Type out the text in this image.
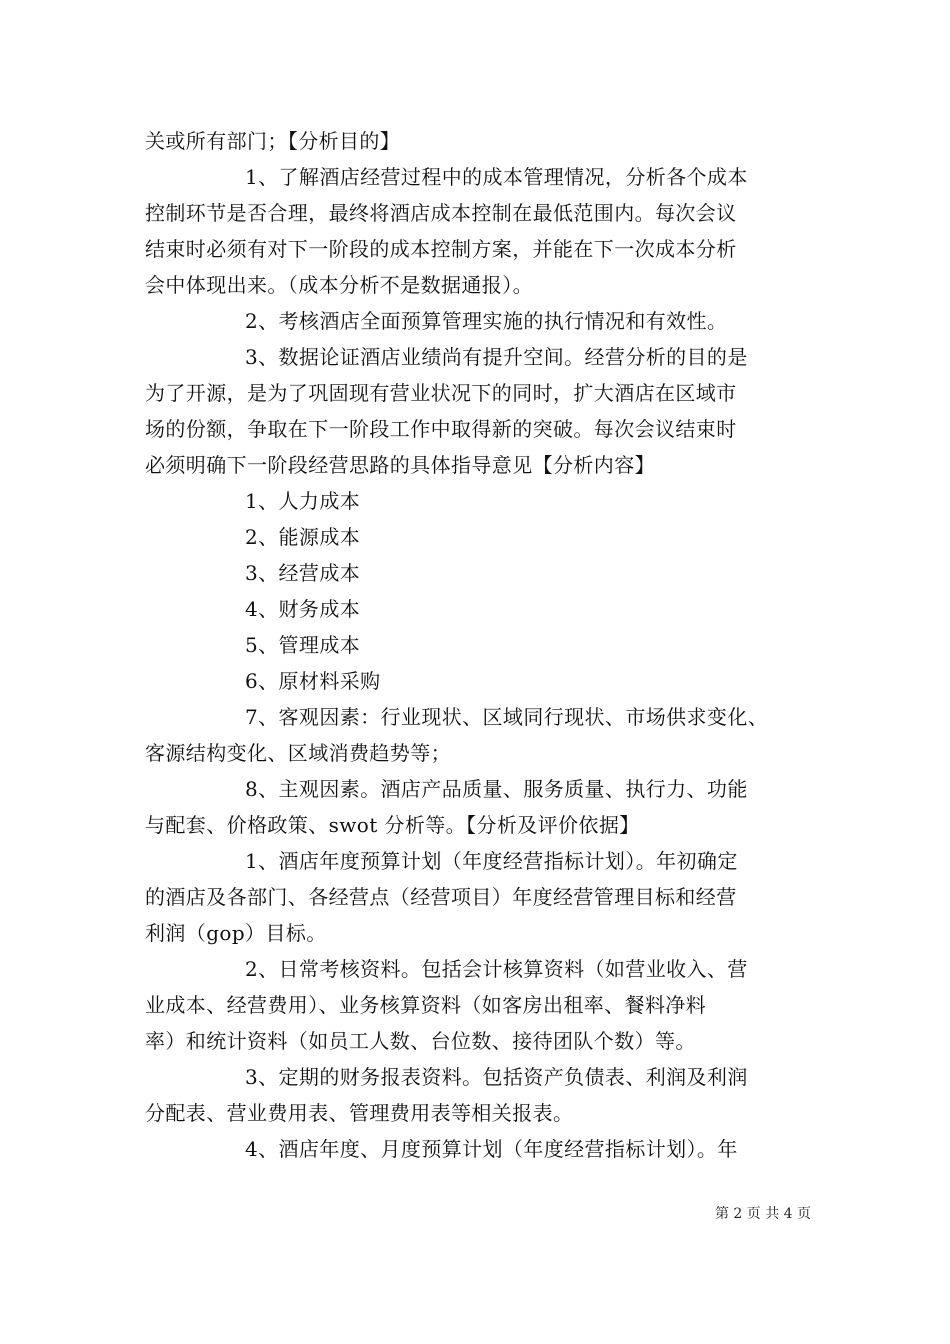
关或所有部门；【分析目的】
1、了解酒店经营过程中的成本管理情况，分析各个成本
控制环节是否合理，最终将酒店成本控制在最低范围内。每次会议
结束时必须有对下一阶段的成本控制方案，并能在下一次成本分析
会中体现出来。（成本分析不是数据通报）。
2、考核酒店全面预算管理实施的执行情况和有效性。
3、数据论证酒店业绩尚有提升空间。经营分析的目的是
为了开源，是为了巩固现有营业状况下的同时，扩大酒店在区域市
场的份额，争取在下一阶段工作中取得新的突破。每次会议结束时
必须明确下一阶段经营思路的具体指导意见【分析内容】
1、人力成本
2、能源成本
3、经营成本
4、财务成本
5、管理成本
6、原材料采购
7、客观因素：行业现状、区域同行现状、市场供求变化、
客源结构变化、区域消费趋势等；
8、主观因素。酒店产品质量、服务质量、执行力、功能
与配套、价格政策、swot 分析等。【分析及评价依据】
1、酒店年度预算计划（年度经营指标计划）。年初确定
的酒店及各部门、各经营点（经营项目）年度经营管理目标和经营
利润（gop）目标。
2、日常考核资料。包括会计核算资料（如营业收入、营
业成本、经营费用）、业务核算资料（如客房出租率、餐料净料
率）和统计资料（如员工人数、台位数、接待团队个数）等。
3、定期的财务报表资料。包括资产负债表、利润及利润
分配表、营业费用表、管理费用表等相关报表。
4、酒店年度、月度预算计划（年度经营指标计划）。年
第 2 页 共 4 页
